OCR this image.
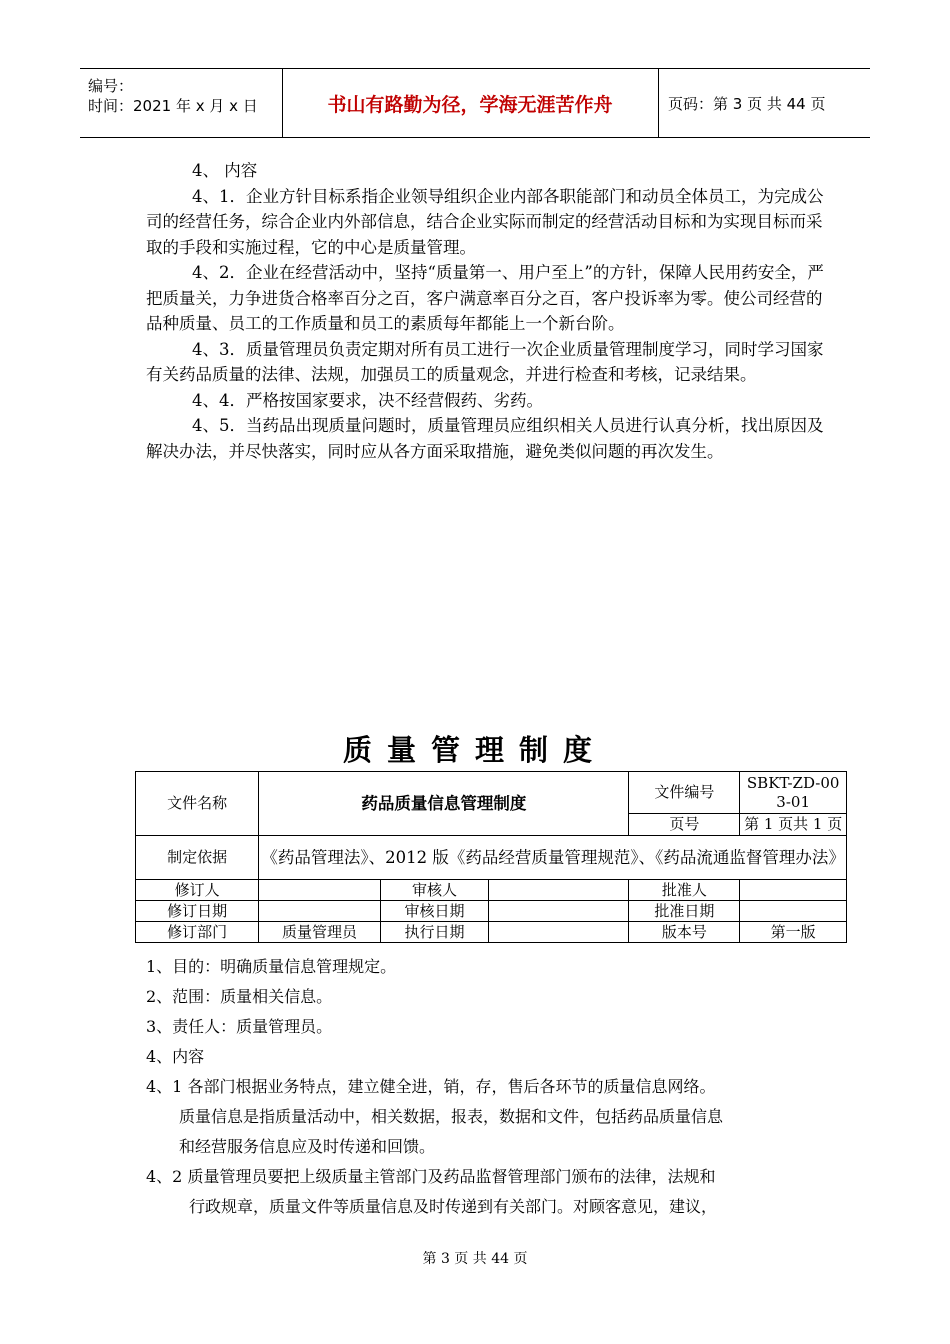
编号：
时间：2021 年 x 月 x 日	书山有路勤为径，学海无涯苦作舟	页码：第 3 页 共 44 页

4、 内容

4、1．企业方针目标系指企业领导组织企业内部各职能部门和动员全体员工，为完成公司的经营任务，综合企业内外部信息，结合企业实际而制定的经营活动目标和为实现目标而采取的手段和实施过程，它的中心是质量管理。

4、2．企业在经营活动中，坚持“质量第一、用户至上”的方针，保障人民用药安全，严把质量关，力争进货合格率百分之百，客户满意率百分之百，客户投诉率为零。使公司经营的品种质量、员工的工作质量和员工的素质每年都能上一个新台阶。

4、3．质量管理员负责定期对所有员工进行一次企业质量管理制度学习，同时学习国家有关药品质量的法律、法规，加强员工的质量观念，并进行检查和考核，记录结果。

4、4．严格按国家要求，决不经营假药、劣药。

4、5．当药品出现质量问题时，质量管理员应组织相关人员进行认真分析，找出原因及解决办法，并尽快落实，同时应从各方面采取措施，避免类似问题的再次发生。

质量管理制度
文件名称	药品质量信息管理制度			文件编号	SBKT-ZD-003-01
				页号	第 1 页共 1 页
制定依据	《药品管理法》、2012 版《药品经营质量管理规范》、《药品流通监督管理办法》				
修订人		审核人		批准人	
修订日期		审核日期		批准日期	
修订部门	质量管理员	执行日期		版本号	第一版

1、目的：明确质量信息管理规定。

2、范围：质量相关信息。

3、责任人：质量管理员。

4、内容

4、1 各部门根据业务特点，建立健全进，销，存，售后各环节的质量信息网络。

质量信息是指质量活动中，相关数据，报表，数据和文件，包括药品质量信息

和经营服务信息应及时传递和回馈。

4、2 质量管理员要把上级质量主管部门及药品监督管理部门颁布的法律，法规和

行政规章，质量文件等质量信息及时传递到有关部门。对顾客意见，建议，

第 3 页 共 44 页
